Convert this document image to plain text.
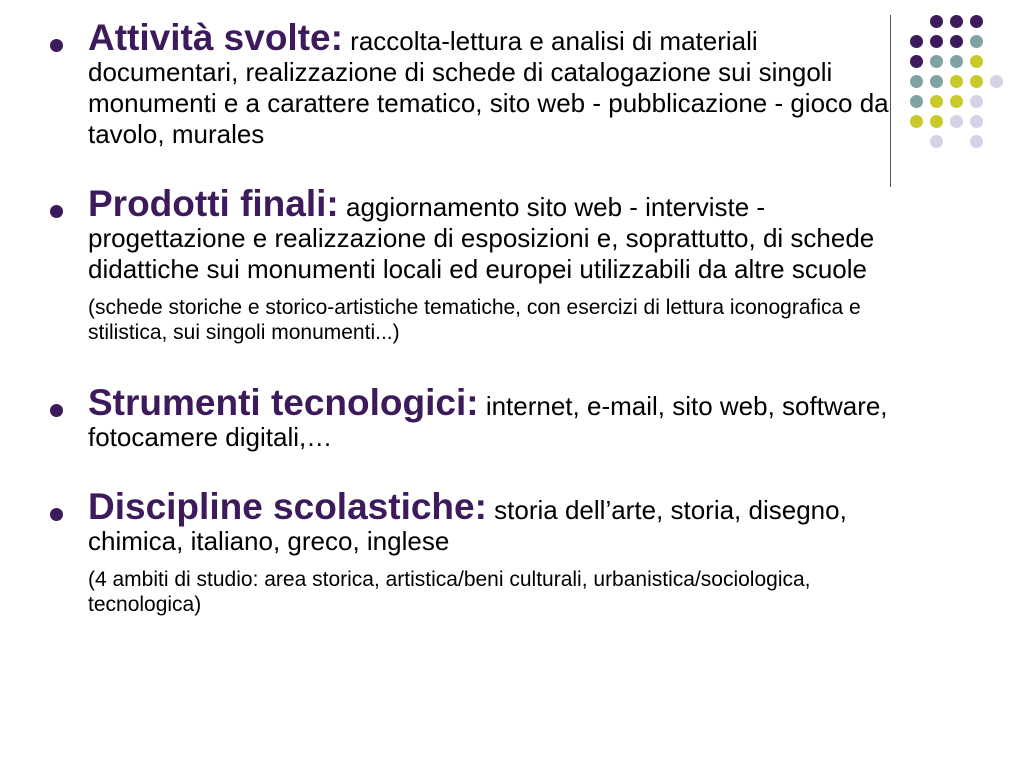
Attività svolte: raccolta-lettura e analisi di materiali documentari, realizzazione di schede di catalogazione sui singoli monumenti e a carattere tematico, sito web - pubblicazione - gioco da tavolo, murales
Prodotti finali: aggiornamento sito web - interviste - progettazione e realizzazione di esposizioni e, soprattutto, di schede didattiche sui monumenti locali ed europei utilizzabili da altre scuole
(schede storiche e storico-artistiche tematiche, con esercizi di lettura iconografica e stilistica, sui singoli monumenti...)
Strumenti tecnologici: internet, e-mail, sito web, software, fotocamere digitali,…
Discipline scolastiche: storia dell’arte, storia, disegno, chimica, italiano, greco, inglese
(4 ambiti di studio: area storica, artistica/beni culturali, urbanistica/sociologica, tecnologica)
